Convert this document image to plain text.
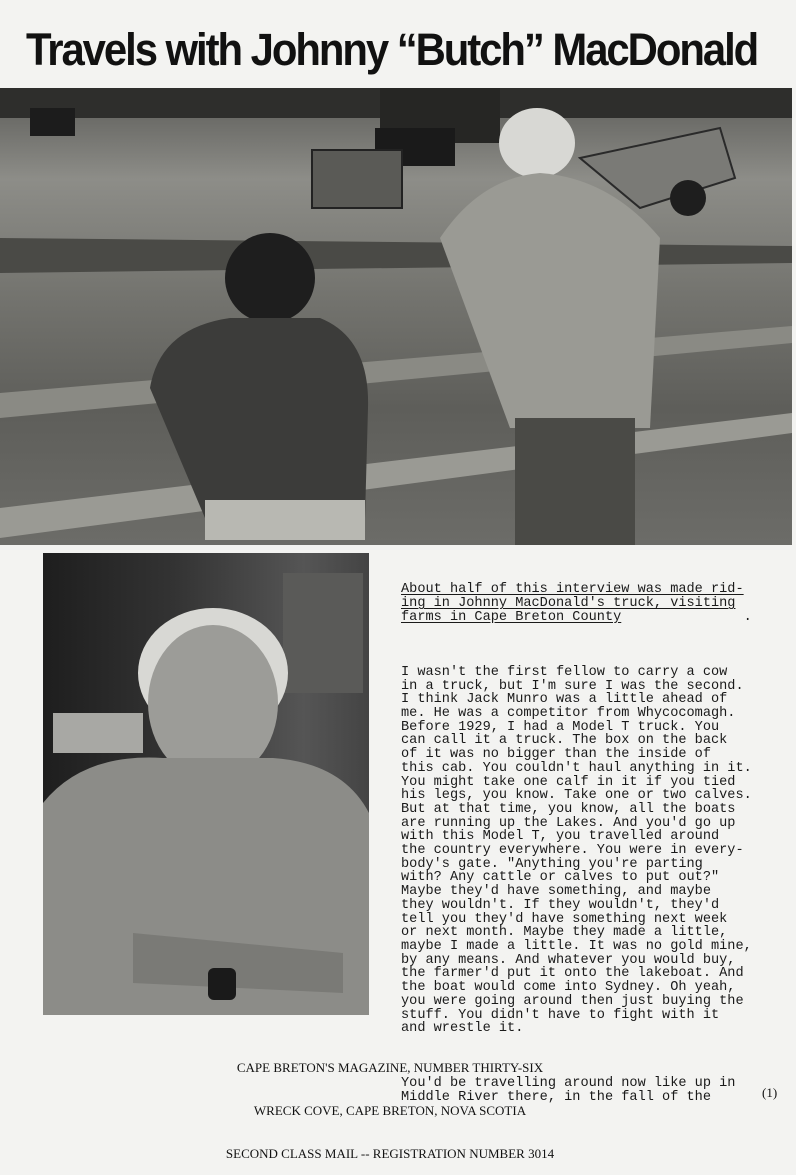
Travels with Johnny “Butch” MacDonald

About half of this interview was made rid-
ing in Johnny MacDonald's truck, visiting
farms in Cape Breton County	.

I wasn't the first fellow to carry a cow
in a truck, but I'm sure I was the second.
I think Jack Munro was a little ahead of
me. He was a competitor from Whycocomagh.
Before 1929, I had a Model T truck. You
can call it a truck. The box on the back
of it was no bigger than the inside of
this cab. You couldn't haul anything in it.
You might take one calf in it if you tied
his legs, you know. Take one or two calves.
But at that time, you know, all the boats
are running up the Lakes. And you'd go up
with this Model T, you travelled around
the country everywhere. You were in every-
body's gate. "Anything you're parting
with? Any cattle or calves to put out?"
Maybe they'd have something, and maybe
they wouldn't. If they wouldn't, they'd
tell you they'd have something next week
or next month. Maybe they made a little,
maybe I made a little. It was no gold mine,
by any means. And whatever you would buy,
the farmer'd put it onto the lakeboat. And
the boat would come into Sydney. Oh yeah,
you were going around then just buying the
stuff. You didn't have to fight with it
and wrestle it.

You'd be travelling around now like up in
Middle River there, in the fall of the

CAPE BRETON'S MAGAZINE, NUMBER THIRTY-SIX

WRECK COVE, CAPE BRETON, NOVA SCOTIA

SECOND CLASS MAIL -- REGISTRATION NUMBER 3014

(1)
